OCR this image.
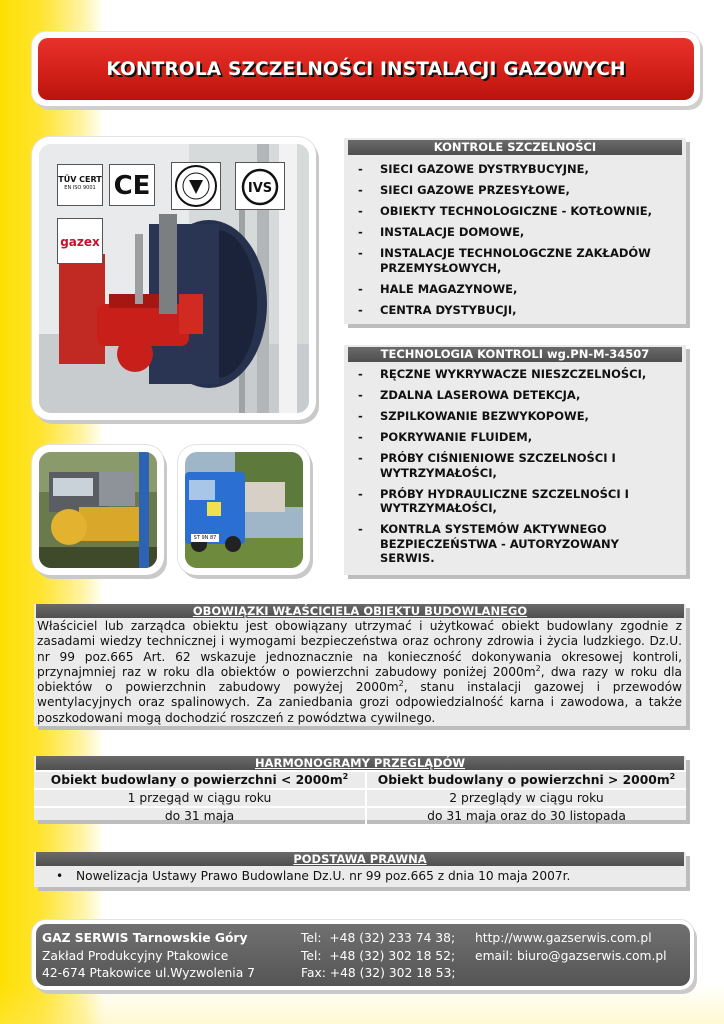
KONTROLA SZCZELNOŚCI INSTALACJI GAZOWYCH
TÜV CERT
EN ISO 9001 CE	IVS
gazex
ST 9N 87
KONTROLE SZCZELNOŚCI
-	SIECI GAZOWE DYSTRYBUCYJNE,
-	SIECI GAZOWE PRZESYŁOWE,
-	OBIEKTY TECHNOLOGICZNE - KOTŁOWNIE,
-	INSTALACJE DOMOWE,
-	INSTALACJE TECHNOLOGCZNE ZAKŁADÓW PRZEMYSŁOWYCH,
-	HALE MAGAZYNOWE,
-	CENTRA DYSTYBUCJI,
TECHNOLOGIA KONTROLI wg.PN-M-34507
-	RĘCZNE WYKRYWACZE NIESZCZELNOŚCI,
-	ZDALNA LASEROWA DETEKCJA,
-	SZPILKOWANIE BEZWYKOPOWE,
-	POKRYWANIE FLUIDEM,
-	PRÓBY CIŚNIENIOWE SZCZELNOŚCI I WYTRZYMAŁOŚCI,
-	PRÓBY HYDRAULICZNE SZCZELNOŚCI I WYTRZYMAŁOŚCI,
-	KONTRLA SYSTEMÓW AKTYWNEGO BEZPIECZEŃSTWA - AUTORYZOWANY SERWIS.
OBOWIĄZKI WŁAŚCICIELA OBIEKTU BUDOWLANEGO

Właściciel lub zarządca obiektu jest obowiązany utrzymać i użytkować obiekt budowlany zgodnie z zasadami wiedzy technicznej i wymogami bezpieczeństwa oraz ochrony zdrowia i życia ludzkiego. Dz.U. nr 99 poz.665 Art. 62 wskazuje jednoznacznie na konieczność dokonywania okresowej kontroli, przynajmniej raz w roku dla obiektów o powierzchni zabudowy poniżej $2000m^2$, dwa razy w roku dla obiektów o powierzchnin zabudowy powyżej $2000m^2$, stanu instalacji gazowej i przewodów wentylacyjnych oraz spalinowych. Za zaniedbania grozi odpowiedzialność karna i zawodowa, a także poszkodowani mogą dochodzić roszczeń z powództwa cywilnego.

HARMONOGRAMY PRZEGLĄDÓW
Obiekt budowlany o powierzchni < $2000m^2$	Obiekt budowlany o powierzchni > $2000m^2$
1 przegąd w ciągu roku	2 przeglądy w ciągu roku
do 31 maja	do 31 maja oraz do 30 listopada
PODSTAWA PRAWNA
• Nowelizacja Ustawy Prawo Budowlane Dz.U. nr 99 poz.665 z dnia 10 maja 2007r.
GAZ SERWIS Tarnowskie Góry
Zakład Produkcyjny Ptakowice
42-674 Ptakowice ul.Wyzwolenia 7
Tel:  +48 (32) 233 74 38;
Tel:  +48 (32) 302 18 52;
Fax: +48 (32) 302 18 53;
http://www.gazserwis.com.pl
email: biuro@gazserwis.com.pl
